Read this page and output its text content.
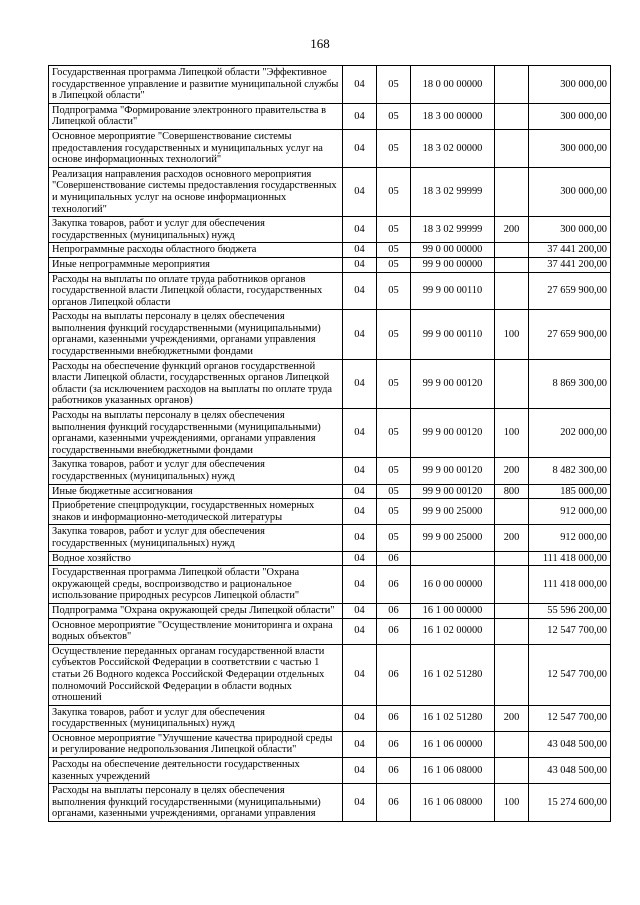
168
Государственная программа Липецкой области "Эффективное государственное управление и развитие муниципальной службы в Липецкой области"	04	05	18 0 00 00000		300 000,00
Подпрограмма "Формирование электронного правительства в Липецкой области"	04	05	18 3 00 00000		300 000,00
Основное мероприятие "Совершенствование системы предоставления государственных и муниципальных услуг на основе информационных технологий"	04	05	18 3 02 00000		300 000,00
Реализация направления расходов основного мероприятия "Совершенствование системы предоставления государственных и муниципальных услуг на основе информационных технологий"	04	05	18 3 02 99999		300 000,00
Закупка товаров, работ и услуг для обеспечения государственных (муниципальных) нужд	04	05	18 3 02 99999	200	300 000,00
Непрограммные расходы областного бюджета	04	05	99 0 00 00000		37 441 200,00
Иные непрограммные мероприятия	04	05	99 9 00 00000		37 441 200,00
Расходы на выплаты по оплате труда работников органов государственной власти Липецкой области, государственных органов Липецкой области	04	05	99 9 00 00110		27 659 900,00
Расходы на выплаты персоналу в целях обеспечения выполнения функций государственными (муниципальными) органами, казенными учреждениями, органами управления государственными внебюджетными фондами	04	05	99 9 00 00110	100	27 659 900,00
Расходы на обеспечение функций органов государственной власти Липецкой области, государственных органов Липецкой области (за исключением расходов на выплаты по оплате труда работников указанных органов)	04	05	99 9 00 00120		8 869 300,00
Расходы на выплаты персоналу в целях обеспечения выполнения функций государственными (муниципальными) органами, казенными учреждениями, органами управления государственными внебюджетными фондами	04	05	99 9 00 00120	100	202 000,00
Закупка товаров, работ и услуг для обеспечения государственных (муниципальных) нужд	04	05	99 9 00 00120	200	8 482 300,00
Иные бюджетные ассигнования	04	05	99 9 00 00120	800	185 000,00
Приобретение спецпродукции, государственных номерных знаков и информационно-методической литературы	04	05	99 9 00 25000		912 000,00
Закупка товаров, работ и услуг для обеспечения государственных (муниципальных) нужд	04	05	99 9 00 25000	200	912 000,00
Водное хозяйство	04	06			111 418 000,00
Государственная программа Липецкой области "Охрана окружающей среды, воспроизводство и рациональное использование природных ресурсов Липецкой области"	04	06	16 0 00 00000		111 418 000,00
Подпрограмма "Охрана окружающей среды Липецкой области"	04	06	16 1 00 00000		55 596 200,00
Основное мероприятие "Осуществление мониторинга и охрана водных объектов"	04	06	16 1 02 00000		12 547 700,00
Осуществление переданных органам государственной власти субъектов Российской Федерации в соответствии с частью 1 статьи 26 Водного кодекса Российской Федерации отдельных полномочий Российской Федерации в области водных отношений	04	06	16 1 02 51280		12 547 700,00
Закупка товаров, работ и услуг для обеспечения государственных (муниципальных) нужд	04	06	16 1 02 51280	200	12 547 700,00
Основное мероприятие "Улучшение качества природной среды и регулирование недропользования Липецкой области"	04	06	16 1 06 00000		43 048 500,00
Расходы на обеспечение деятельности государственных казенных учреждений	04	06	16 1 06 08000		43 048 500,00
Расходы на выплаты персоналу в целях обеспечения выполнения функций государственными (муниципальными) органами, казенными учреждениями, органами управления	04	06	16 1 06 08000	100	15 274 600,00
